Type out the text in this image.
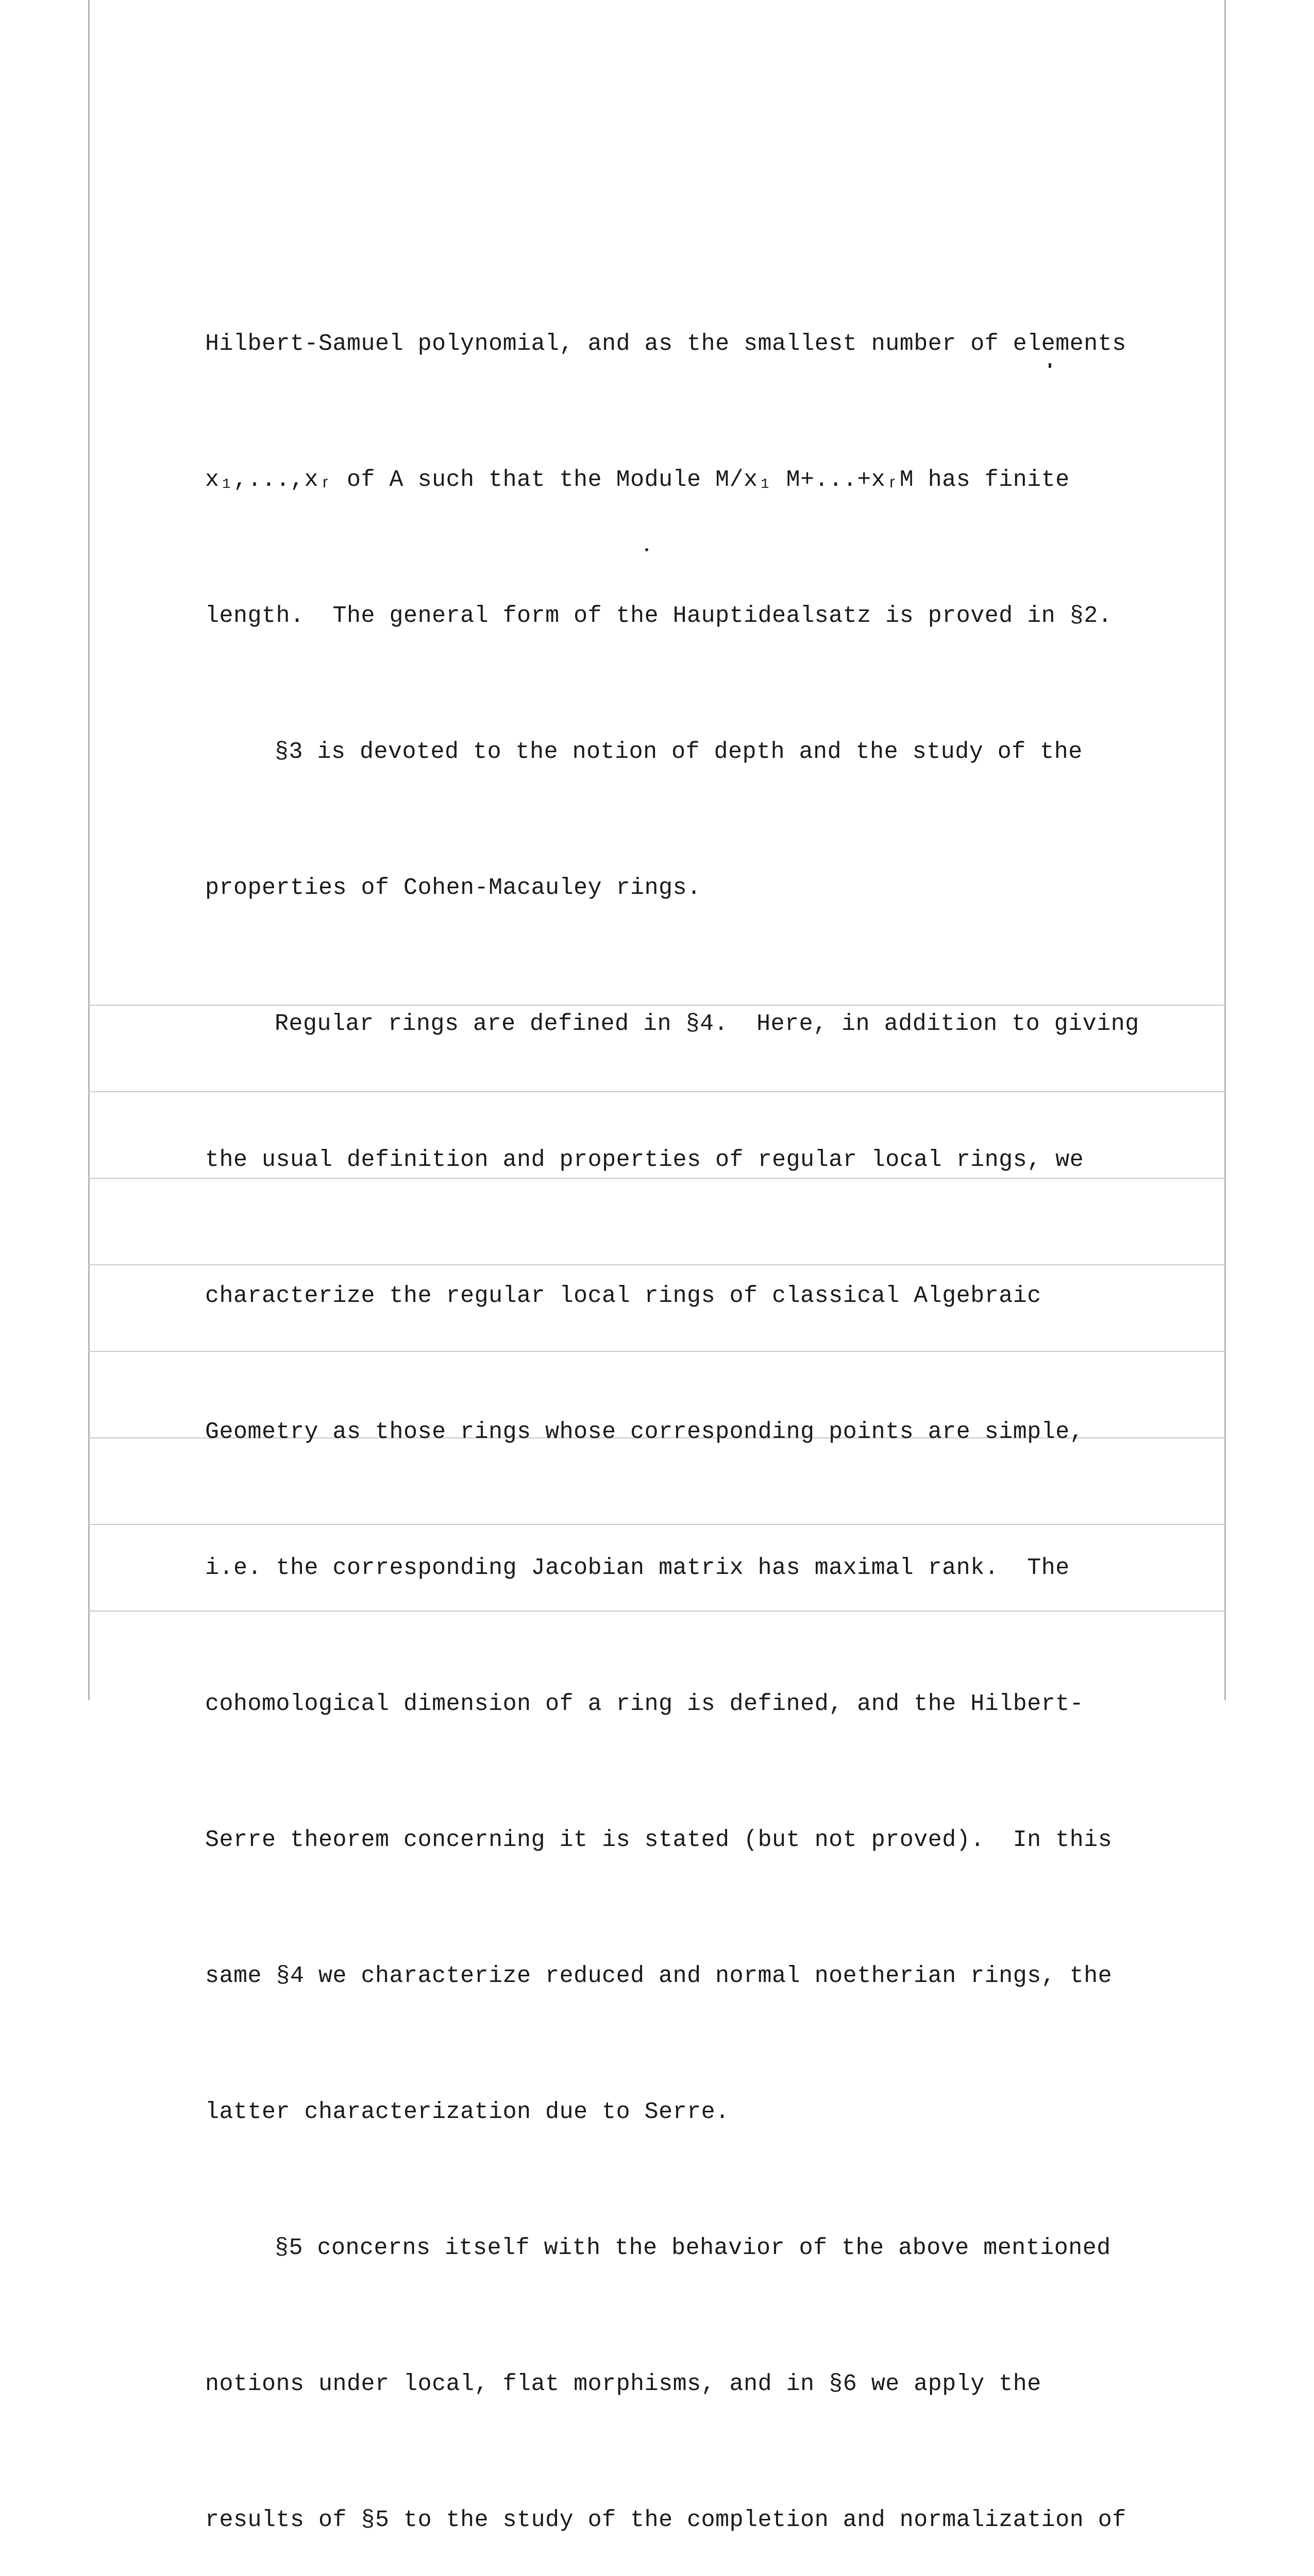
Hilbert-Samuel polynomial, and as the smallest number of elements

x₁,...,xᵣ of A such that the Module M/x₁ M+...+xᵣM has finite

length.  The general form of the Hauptidealsatz is proved in §2.

§3 is devoted to the notion of depth and the study of the

properties of Cohen-Macauley rings.

Regular rings are defined in §4.  Here, in addition to giving

the usual definition and properties of regular local rings, we

characterize the regular local rings of classical Algebraic

Geometry as those rings whose corresponding points are simple,

i.e. the corresponding Jacobian matrix has maximal rank.  The

cohomological dimension of a ring is defined, and the Hilbert-

Serre theorem concerning it is stated (but not proved).  In this

same §4 we characterize reduced and normal noetherian rings, the

latter characterization due to Serre.

§5 concerns itself with the behavior of the above mentioned

notions under local, flat morphisms, and in §6 we apply the

results of §5 to the study of the completion and normalization of
